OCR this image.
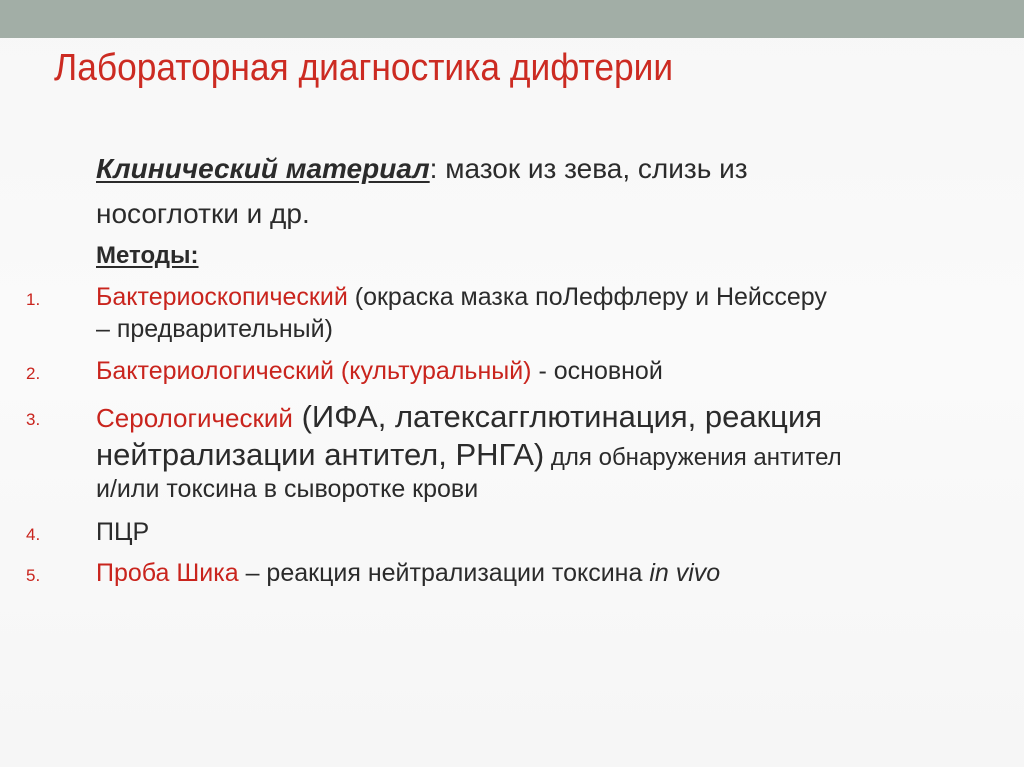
Лабораторная диагностика дифтерии

Клинический материал: мазок из зева, слизь из

носоглотки и др.

Методы:

1. Бактериоскопический (окраска мазка поЛеффлеру и Нейссеру

– предварительный)

2. Бактериологический (культуральный) - основной

3. Серологический (ИФА, латексагглютинация, реакция

нейтрализации антител, РНГА) для обнаружения антител

и/или токсина в сыворотке крови

4. ПЦР

5. Проба Шика – реакция нейтрализации токсина in vivo
